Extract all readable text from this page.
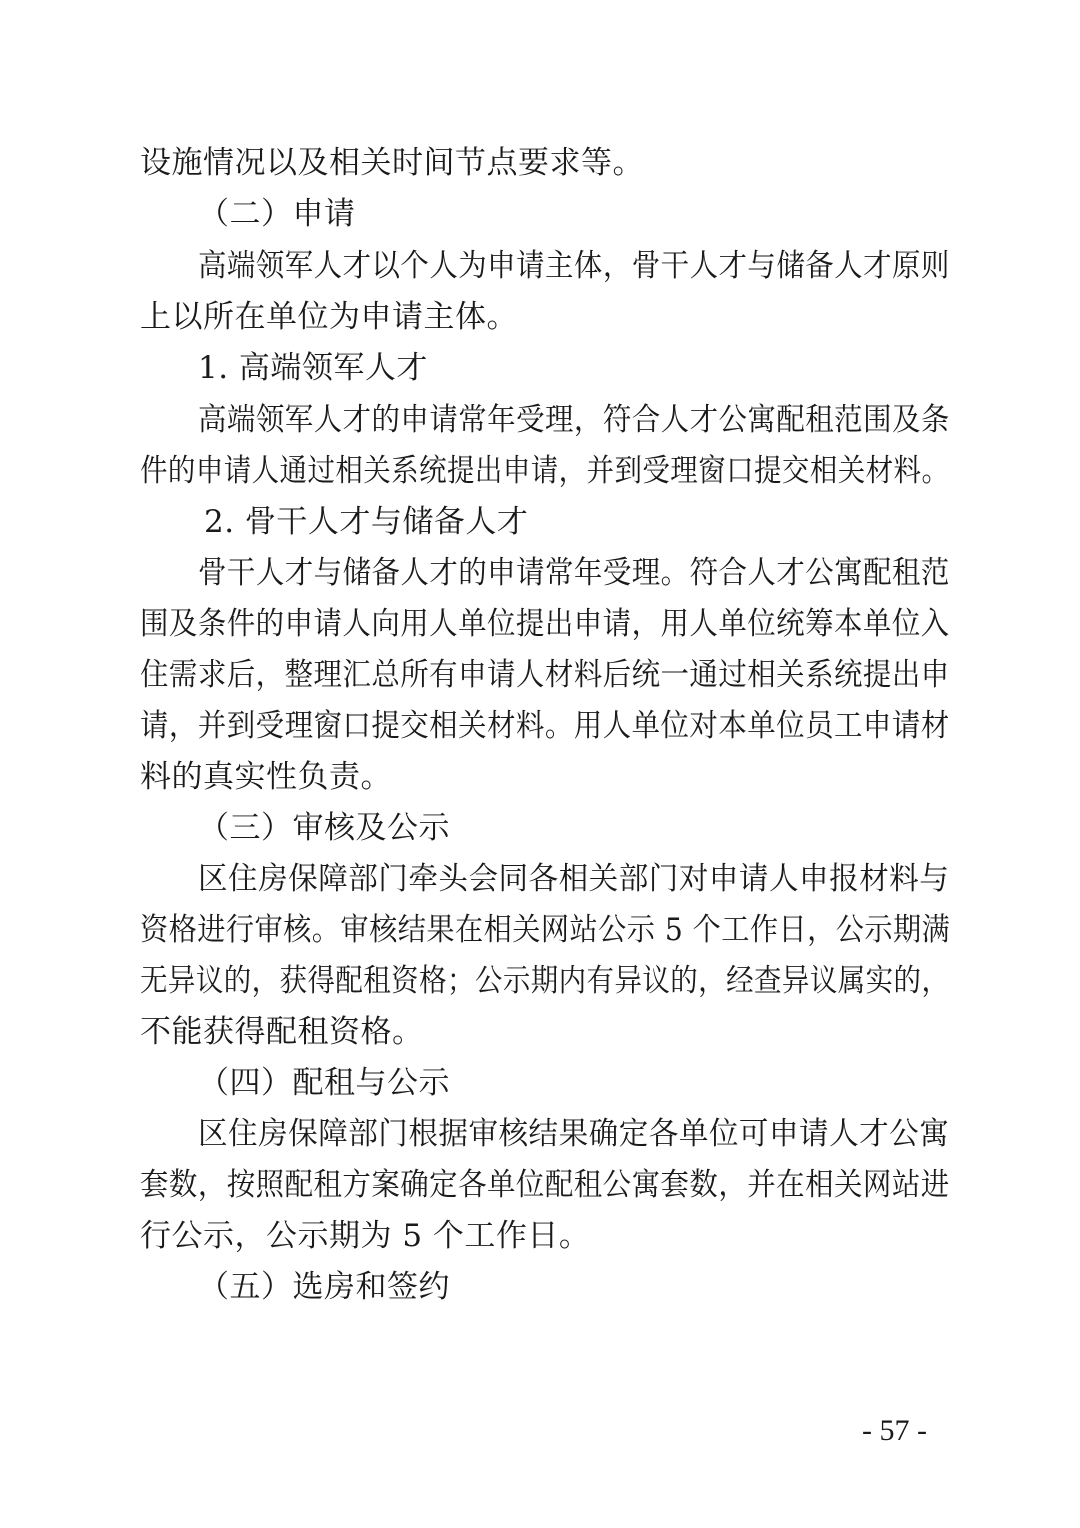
设施情况以及相关时间节点要求等。
（二）申请
高端领军人才以个人为申请主体，骨干人才与储备人才原则
上以所在单位为申请主体。
1. 高端领军人才
高端领军人才的申请常年受理，符合人才公寓配租范围及条
件的申请人通过相关系统提出申请，并到受理窗口提交相关材料。
2. 骨干人才与储备人才
骨干人才与储备人才的申请常年受理。符合人才公寓配租范
围及条件的申请人向用人单位提出申请，用人单位统筹本单位入
住需求后，整理汇总所有申请人材料后统一通过相关系统提出申
请，并到受理窗口提交相关材料。用人单位对本单位员工申请材
料的真实性负责。
（三）审核及公示
区住房保障部门牵头会同各相关部门对申请人申报材料与
资格进行审核。审核结果在相关网站公示 5 个工作日，公示期满
无异议的，获得配租资格；公示期内有异议的，经查异议属实的，
不能获得配租资格。
（四）配租与公示
区住房保障部门根据审核结果确定各单位可申请人才公寓
套数，按照配租方案确定各单位配租公寓套数，并在相关网站进
行公示，公示期为 5 个工作日。
（五）选房和签约
- 57 -
